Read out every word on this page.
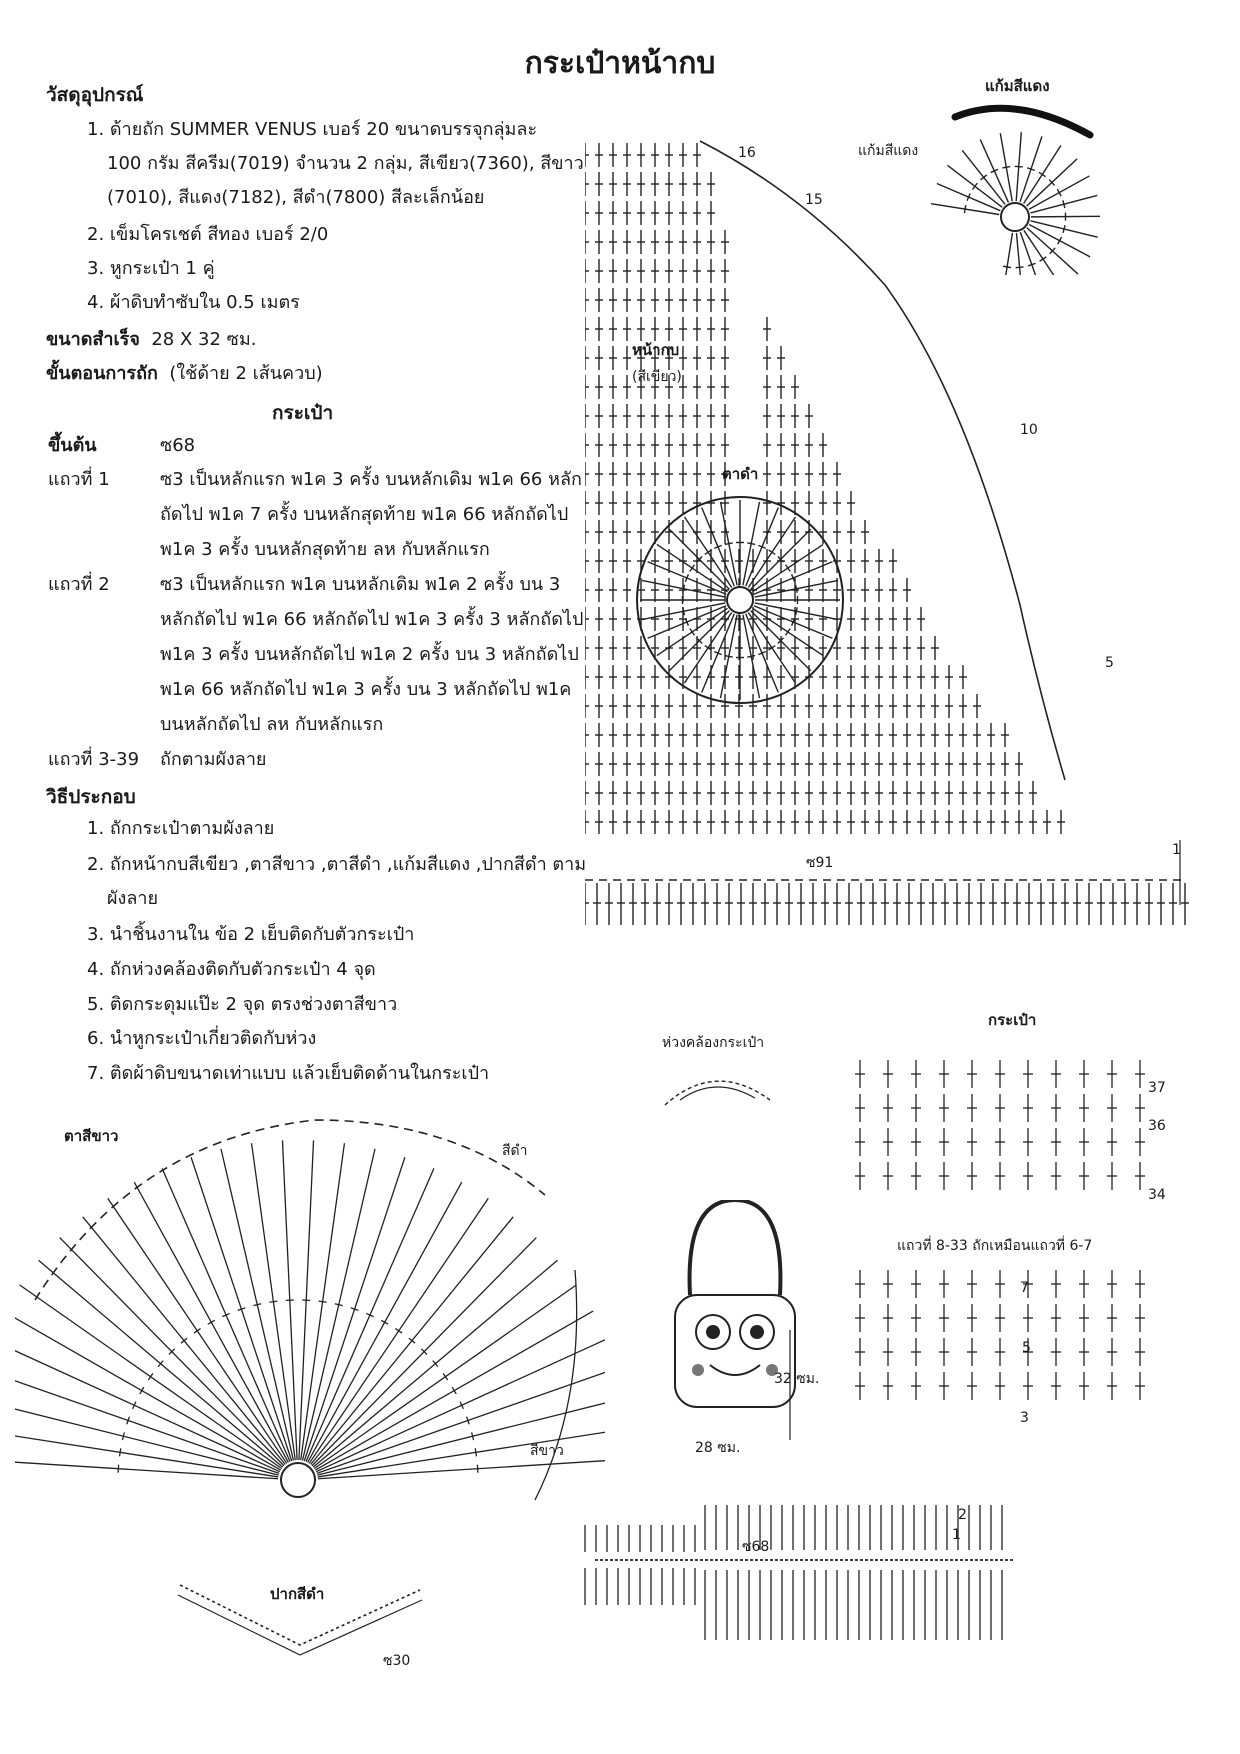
กระเป๋าหน้ากบ
วัสดุอุปกรณ์
1. ด้ายถัก SUMMER VENUS เบอร์ 20 ขนาดบรรจุกลุ่มละ
100 กรัม สีครีม(7019) จำนวน 2 กลุ่ม, สีเขียว(7360), สีขาว
(7010), สีแดง(7182), สีดำ(7800) สีละเล็กน้อย
2. เข็มโครเชต์ สีทอง เบอร์ 2/0
3. หูกระเป๋า 1 คู่
4. ผ้าดิบทำซับใน 0.5 เมตร
ขนาดสำเร็จ 28 X 32 ซม.
ขั้นตอนการถัก (ใช้ด้าย 2 เส้นควบ)
กระเป๋า
ขึ้นต้น	ซ68
แถวที่ 1	ซ3 เป็นหลักแรก พ1ค 3 ครั้ง บนหลักเดิม พ1ค 66 หลัก
ถัดไป พ1ค 7 ครั้ง บนหลักสุดท้าย พ1ค 66 หลักถัดไป
พ1ค 3 ครั้ง บนหลักสุดท้าย ลห กับหลักแรก
แถวที่ 2	ซ3 เป็นหลักแรก พ1ค บนหลักเดิม พ1ค 2 ครั้ง บน 3
หลักถัดไป พ1ค 66 หลักถัดไป พ1ค 3 ครั้ง 3 หลักถัดไป
พ1ค 3 ครั้ง บนหลักถัดไป พ1ค 2 ครั้ง บน 3 หลักถัดไป
พ1ค 66 หลักถัดไป พ1ค 3 ครั้ง บน 3 หลักถัดไป พ1ค
บนหลักถัดไป ลห กับหลักแรก
แถวที่ 3-39 ถักตามผังลาย
วิธีประกอบ
1. ถักกระเป๋าตามผังลาย
2. ถักหน้ากบสีเขียว ,ตาสีขาว ,ตาสีดำ ,แก้มสีแดง ,ปากสีดำ ตาม
ผังลาย
3. นำชิ้นงานใน ข้อ 2 เย็บติดกับตัวกระเป๋า
4. ถักห่วงคล้องติดกับตัวกระเป๋า 4 จุด
5. ติดกระดุมแป๊ะ 2 จุด ตรงช่วงตาสีขาว
6. นำหูกระเป๋าเกี่ยวติดกับห่วง
7. ติดผ้าดิบขนาดเท่าแบบ แล้วเย็บติดด้านในกระเป๋า
แก้มสีแดง
แก้มสีแดง
16
15
10
5
1
ซ91
หน้ากบ
(สีเขียว)
ตาดำ
ตาสีขาว
สีดำ
สีขาว
ปากสีดำ
ซ30
ห่วงคล้องกระเป๋า
32 ซม.
28 ซม.
กระเป๋า
37
36
34
แถวที่ 8-33 ถักเหมือนแถวที่ 6-7
7
5
3
2
1
ซ68
